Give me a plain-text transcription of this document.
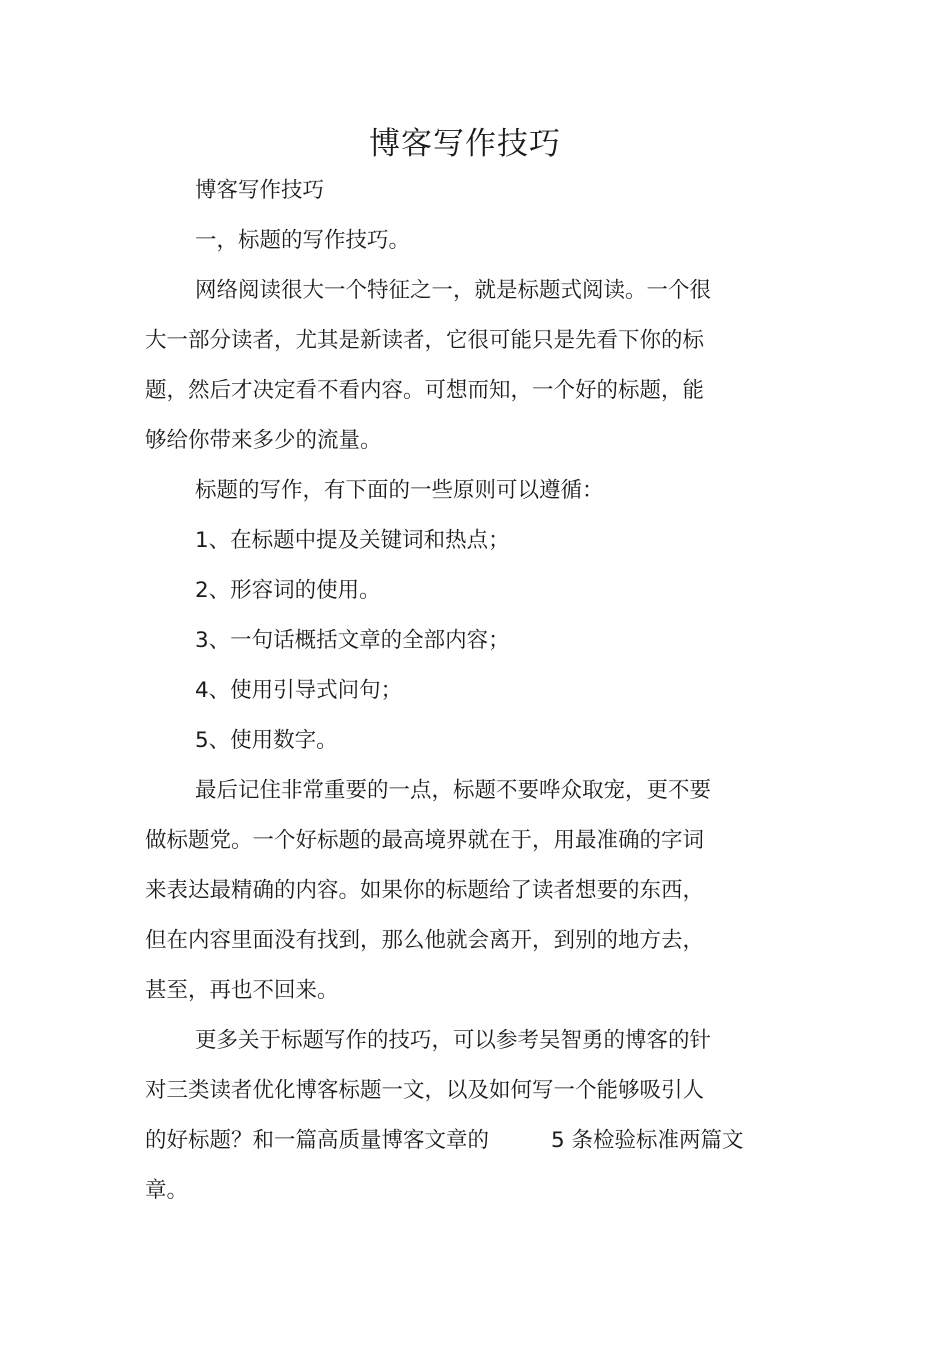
博客写作技巧

博客写作技巧

一，标题的写作技巧。

网络阅读很大一个特征之一，就是标题式阅读。一个很

大一部分读者，尤其是新读者，它很可能只是先看下你的标

题，然后才决定看不看内容。可想而知，一个好的标题，能

够给你带来多少的流量。

标题的写作，有下面的一些原则可以遵循：

1、在标题中提及关键词和热点；

2、形容词的使用。

3、一句话概括文章的全部内容；

4、使用引导式问句；

5、使用数字。

最后记住非常重要的一点，标题不要哗众取宠，更不要

做标题党。一个好标题的最高境界就在于，用最准确的字词

来表达最精确的内容。如果你的标题给了读者想要的东西，

但在内容里面没有找到，那么他就会离开，到别的地方去，

甚至，再也不回来。

更多关于标题写作的技巧，可以参考吴智勇的博客的针

对三类读者优化博客标题一文，以及如何写一个能够吸引人

的好标题？和一篇高质量博客文章的	5 条检验标准两篇文

章。
